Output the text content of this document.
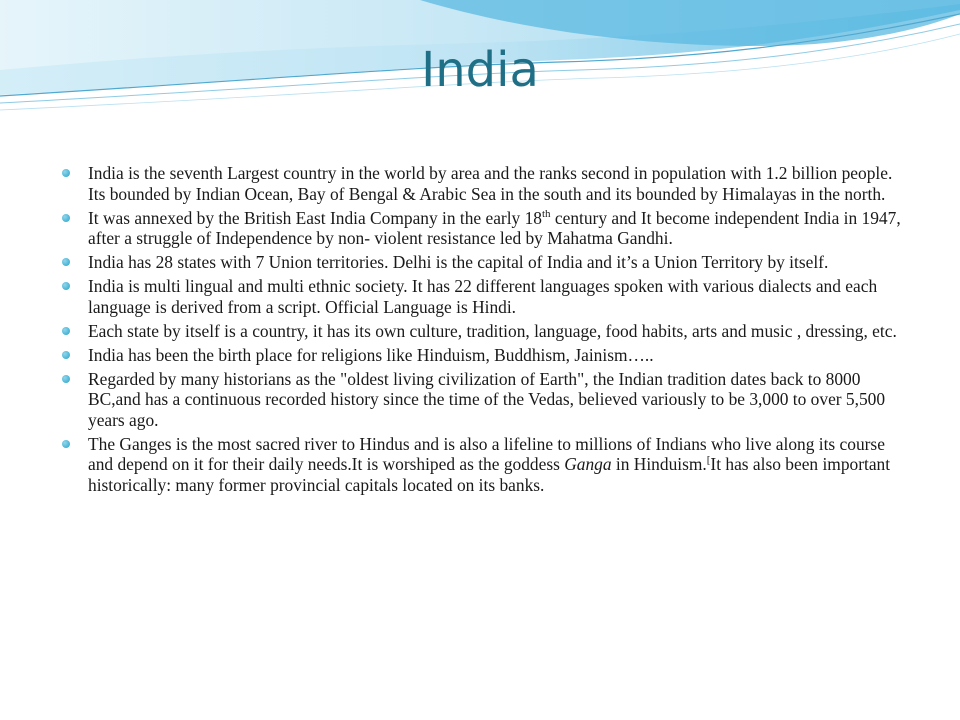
India
India is the seventh Largest country in the world by area and the ranks second in population with 1.2 billion people. Its bounded by Indian Ocean, Bay of Bengal & Arabic Sea in the south and its bounded by Himalayas in the north.
It was annexed by the British East India Company in the early 18th century and It become independent India in 1947, after a struggle of Independence by non- violent resistance led by Mahatma Gandhi.
India has 28 states with 7 Union territories. Delhi is the capital of India and it’s a Union Territory by itself.
India is multi lingual and multi ethnic society. It has 22 different languages spoken with various dialects and each language is derived from a script. Official Language is Hindi.
Each state by itself is a country, it has its own culture, tradition, language, food habits, arts and music , dressing, etc.
India has been the birth place for religions like Hinduism, Buddhism, Jainism…..
Regarded by many historians as the "oldest living civilization of Earth", the Indian tradition dates back to 8000 BC,and has a continuous recorded history since the time of the Vedas, believed variously to be 3,000 to over 5,500 years ago.
The Ganges is the most sacred river to Hindus and is also a lifeline to millions of Indians who live along its course and depend on it for their daily needs.It is worshiped as the goddess Ganga in Hinduism.[It has also been important historically: many former provincial capitals located on its banks.
